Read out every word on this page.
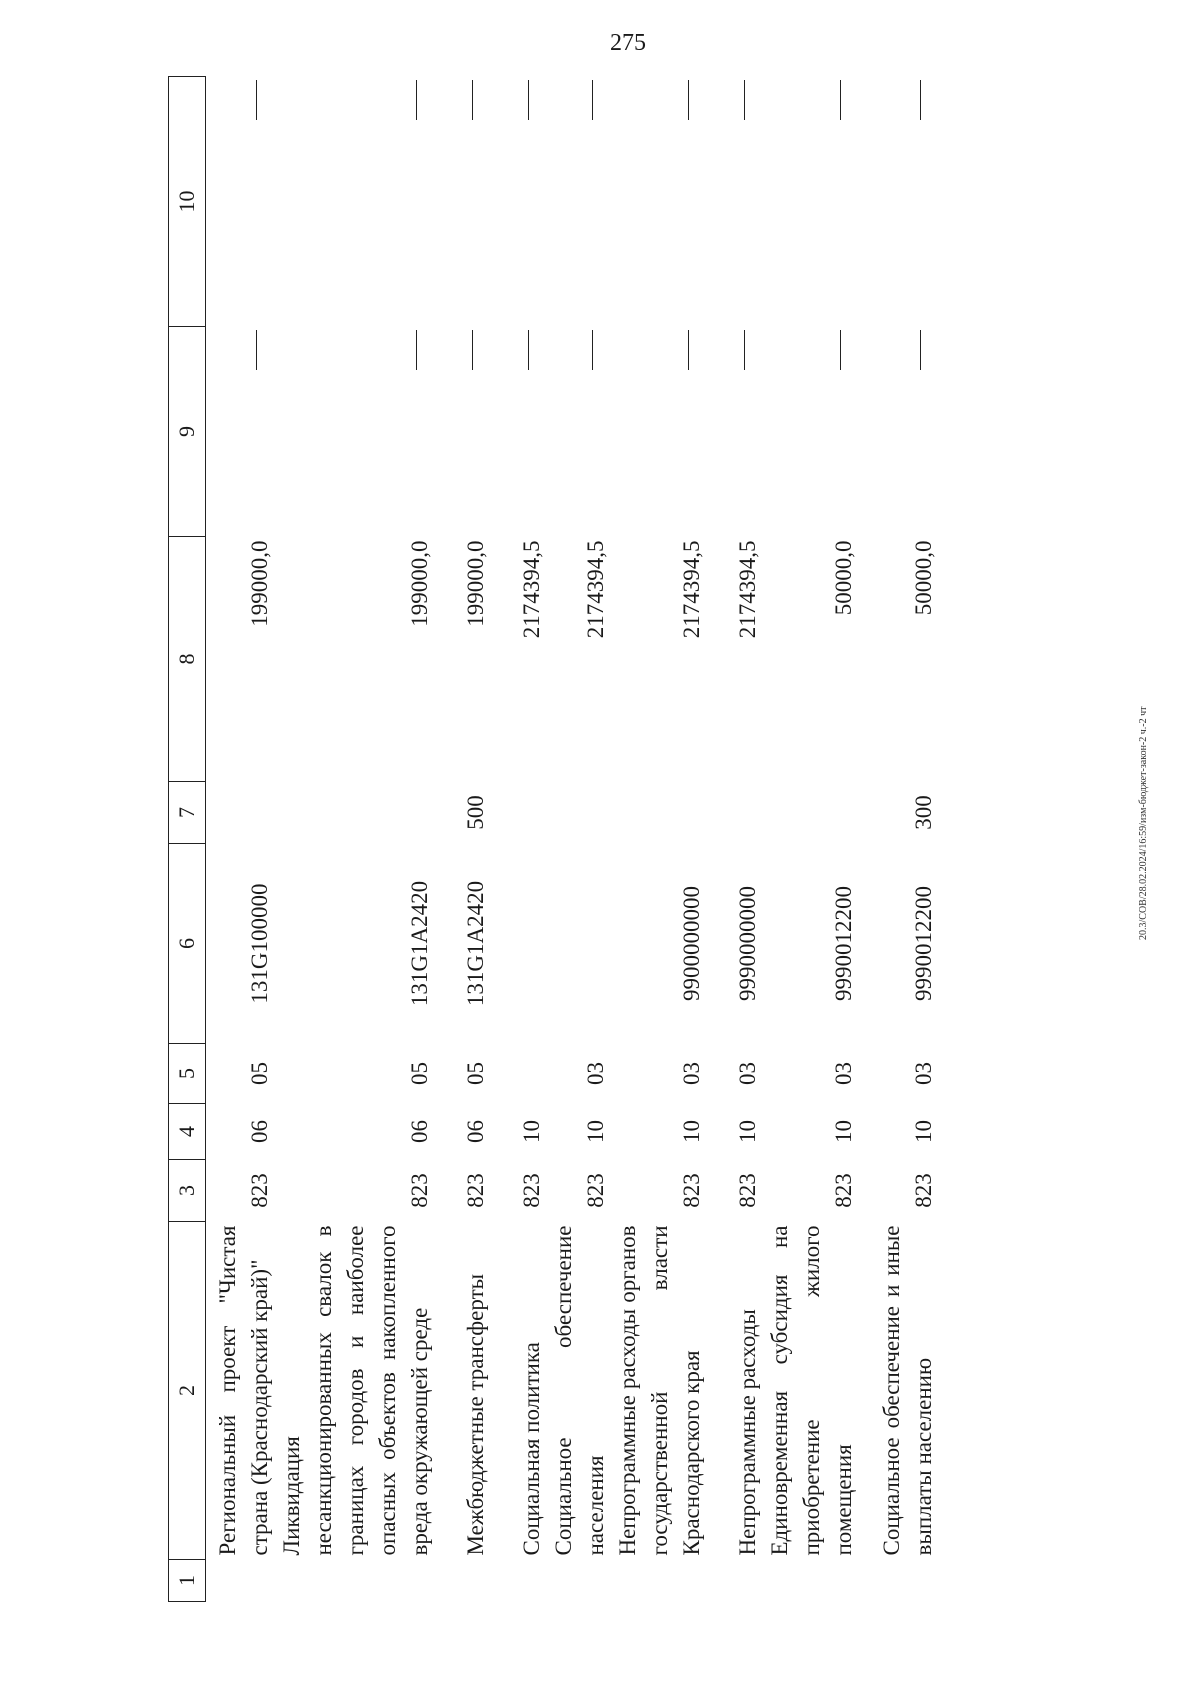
275
1	2	3	4	5	6	7	8	9	10
	Региональный проект "Чистая страна (Краснодарский край)"	823	06	05	131G100000		199000,0		
	Ликвидация несанкционированных свалок в границах городов и наиболее опасных объектов накопленного вреда окружающей среде	823	06	05	131G1A2420		199000,0		
	Межбюджетные трансферты	823	06	05	131G1A2420	500	199000,0		
	Социальная политика	823	10				2174394,5		
	Социальное обеспечение населения	823	10	03			2174394,5		
	Непрограммные расходы органов государственной власти Краснодарского края	823	10	03	9900000000		2174394,5		
	Непрограммные расходы	823	10	03	9990000000		2174394,5		
	Единовременная субсидия на приобретение жилого помещения	823	10	03	9990012200		50000,0		
	Социальное обеспечение и иные выплаты населению	823	10	03	9990012200	300	50000,0		
20.3/СОВ/28.02.2024/16:59/изм-бюджет-закон-2 ч.-2 чт
